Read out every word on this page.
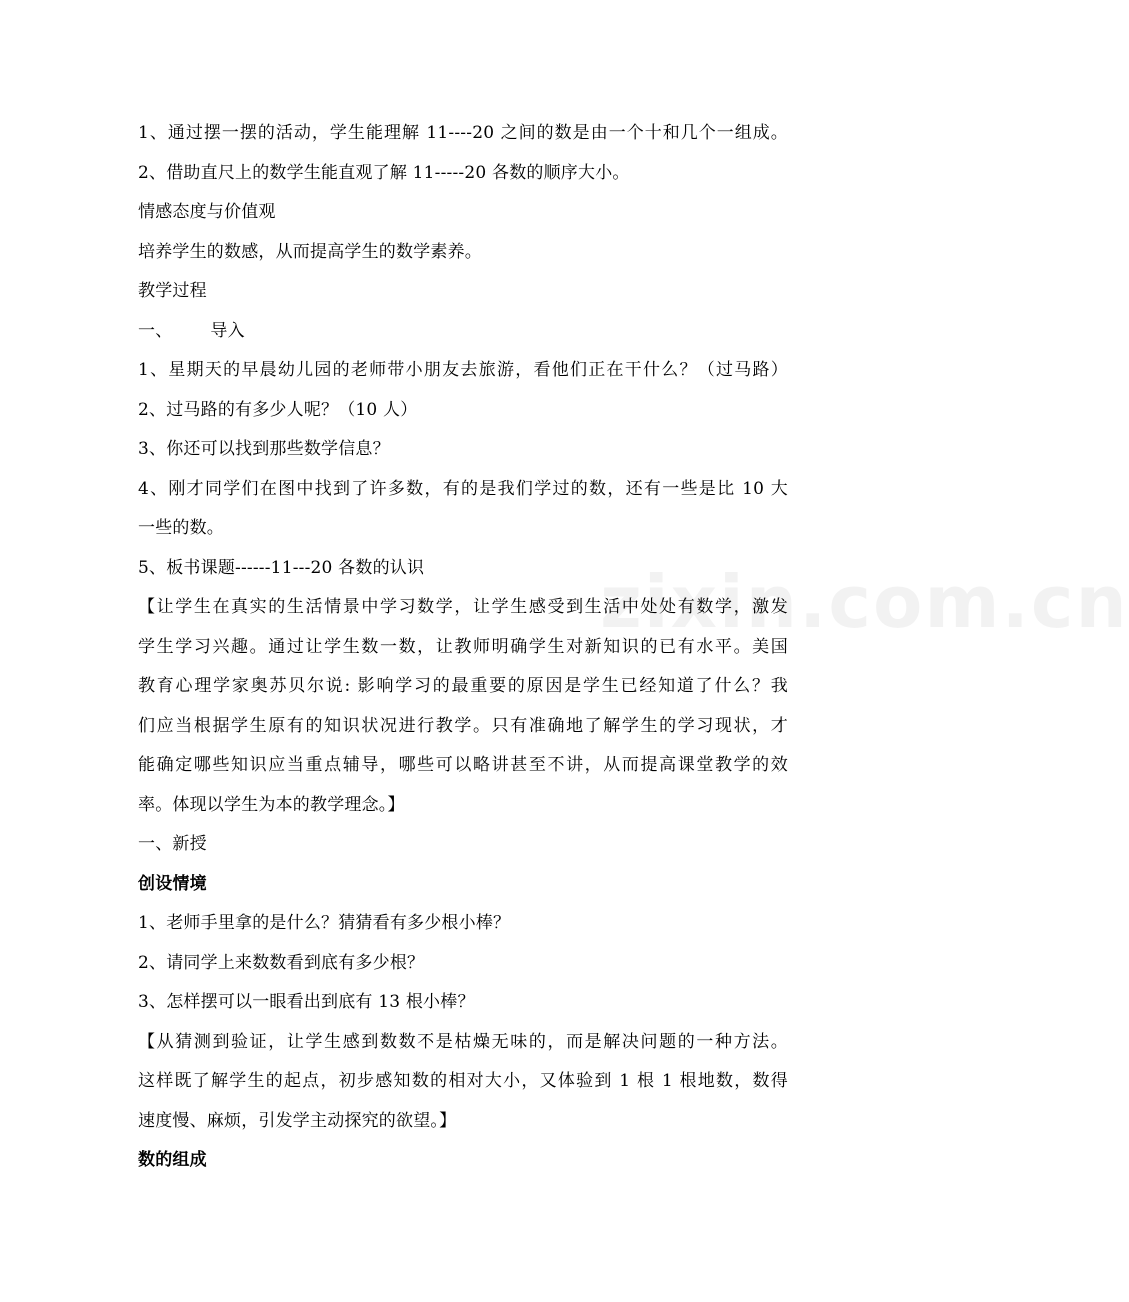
1、通过摆一摆的活动，学生能理解 11----20 之间的数是由一个十和几个一组成。
2、借助直尺上的数学生能直观了解 11-----20 各数的顺序大小。
情感态度与价值观
培养学生的数感，从而提高学生的数学素养。
教学过程
一、 导入
1、星期天的早晨幼儿园的老师带小朋友去旅游，看他们正在干什么？（过马路）
2、过马路的有多少人呢？（10 人）
3、你还可以找到那些数学信息？
4、刚才同学们在图中找到了许多数，有的是我们学过的数，还有一些是比 10 大
一些的数。
5、板书课题------11---20 各数的认识
【让学生在真实的生活情景中学习数学，让学生感受到生活中处处有数学，激发
学生学习兴趣。通过让学生数一数，让教师明确学生对新知识的已有水平。美国
教育心理学家奥苏贝尔说: 影响学习的最重要的原因是学生已经知道了什么？我
们应当根据学生原有的知识状况进行教学。只有准确地了解学生的学习现状，才
能确定哪些知识应当重点辅导，哪些可以略讲甚至不讲，从而提高课堂教学的效
率。体现以学生为本的教学理念。】
一、新授
创设情境
1、老师手里拿的是什么？猜猜看有多少根小棒？
2、请同学上来数数看到底有多少根？
3、怎样摆可以一眼看出到底有 13 根小棒？
【从猜测到验证，让学生感到数数不是枯燥无味的，而是解决问题的一种方法。
这样既了解学生的起点，初步感知数的相对大小，又体验到 1 根 1 根地数，数得
速度慢、麻烦，引发学主动探究的欲望。】
数的组成
zixin.com.cn
